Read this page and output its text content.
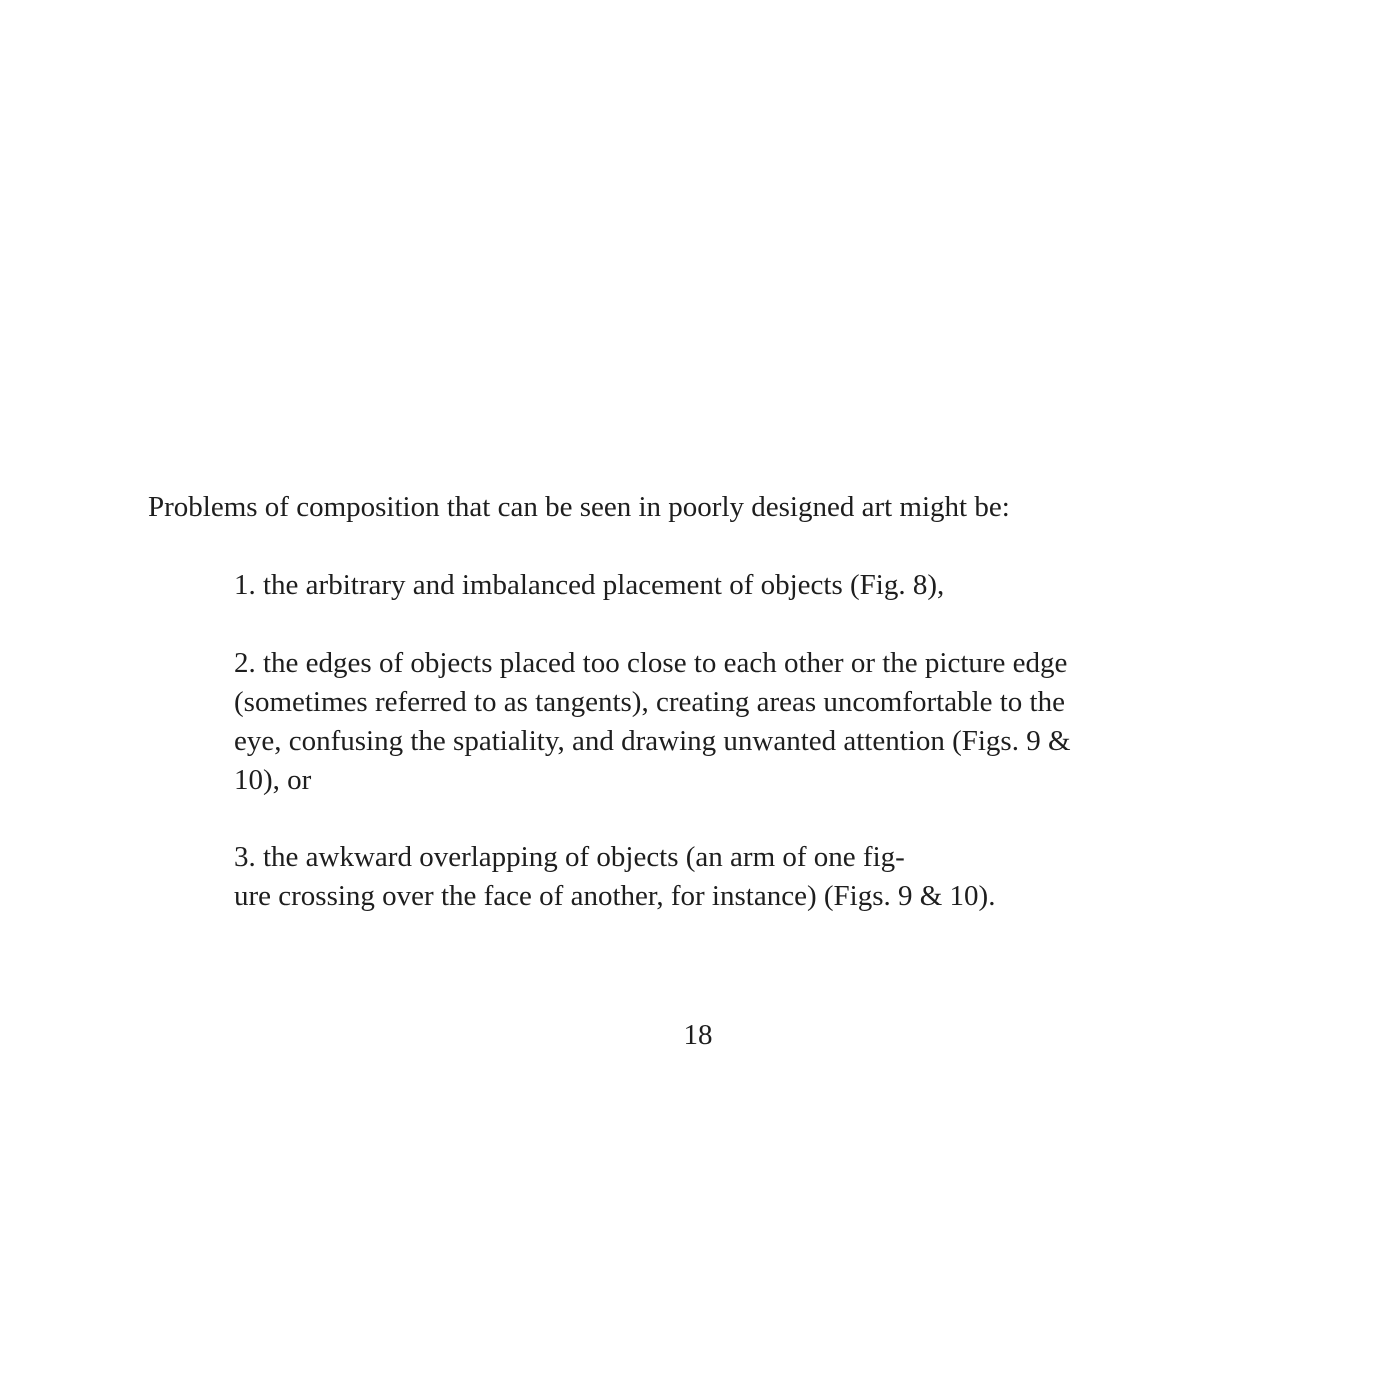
Problems of composition that can be seen in poorly designed art might be:

1. the arbitrary and imbalanced placement of objects (Fig. 8),
2. the edges of objects placed too close to each other or the picture edge
(sometimes referred to as tangents), creating areas uncomfortable to the
eye, confusing the spatiality, and drawing unwanted attention (Figs. 9 &
10), or
3. the awkward overlapping of objects (an arm of one fig-
ure crossing over the face of another, for instance) (Figs. 9 & 10).

18
